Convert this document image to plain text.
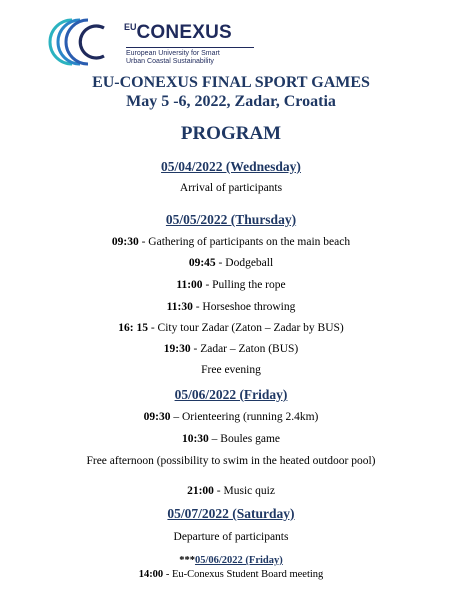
$^{EU}$CONEXUS
European University for Smart
Urban Coastal Sustainability
EU-CONEXUS FINAL SPORT GAMES
May 5 -6, 2022, Zadar, Croatia
PROGRAM
05/04/2022 (Wednesday)
Arrival of participants
05/05/2022 (Thursday)
09:30 - Gathering of participants on the main beach
09:45 - Dodgeball
11:00 - Pulling the rope
11:30 - Horseshoe throwing
16: 15 - City tour Zadar (Zaton – Zadar by BUS)
19:30 - Zadar – Zaton (BUS)
Free evening
05/06/2022 (Friday)
09:30 – Orienteering (running 2.4km)
10:30 – Boules game
Free afternoon (possibility to swim in the heated outdoor pool)
21:00 - Music quiz
05/07/2022 (Saturday)
Departure of participants
***05/06/2022 (Friday)
14:00 - Eu-Conexus Student Board meeting
